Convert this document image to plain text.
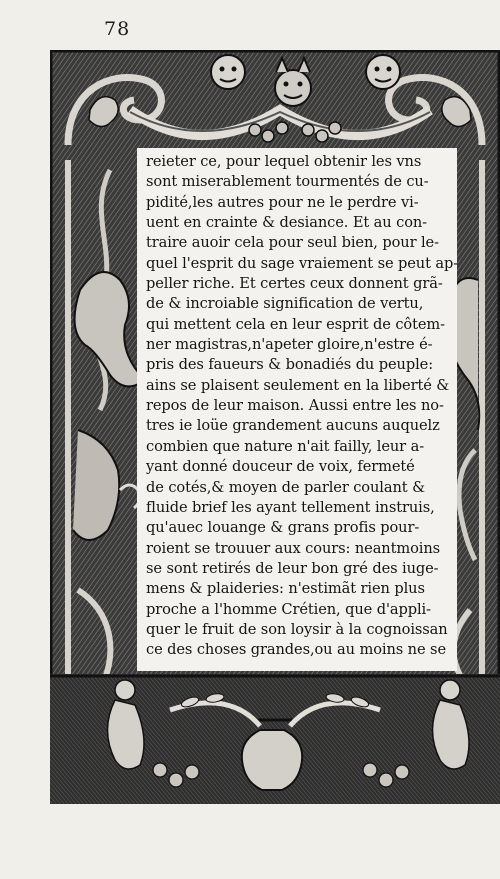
78
reieter ce, pour lequel obtenir les vns
sont miserablement tourmentés de cu-
pidité,les autres pour ne le perdre vi-
uent en crainte & desiance. Et au con-
traire auoir cela pour seul bien, pour le-
quel l'esprit du sage vraiement se peut ap-
peller riche. Et certes ceux donnent grã-
de & incroiable signification de vertu,
qui mettent cela en leur esprit de côtem-
ner magistras,n'apeter gloire,n'estre é-
pris des faueurs & bonadiés du peuple:
ains se plaisent seulement en la liberté &
repos de leur maison. Aussi entre les no-
tres ie loüe grandement aucuns auquelz
combien que nature n'ait failly, leur a-
yant donné douceur de voix, fermeté
de cotés,& moyen de parler coulant &
fluide brief les ayant tellement instruis,
qu'auec louange & grans profis pour-
roient se trouuer aux cours: neantmoins
se sont retirés de leur bon gré des iuge-
mens & plaideries: n'estimãt rien plus
proche a l'homme Crétien, que d'appli-
quer le fruit de son loysir à la cognoissan
ce des choses grandes,ou au moins ne se
